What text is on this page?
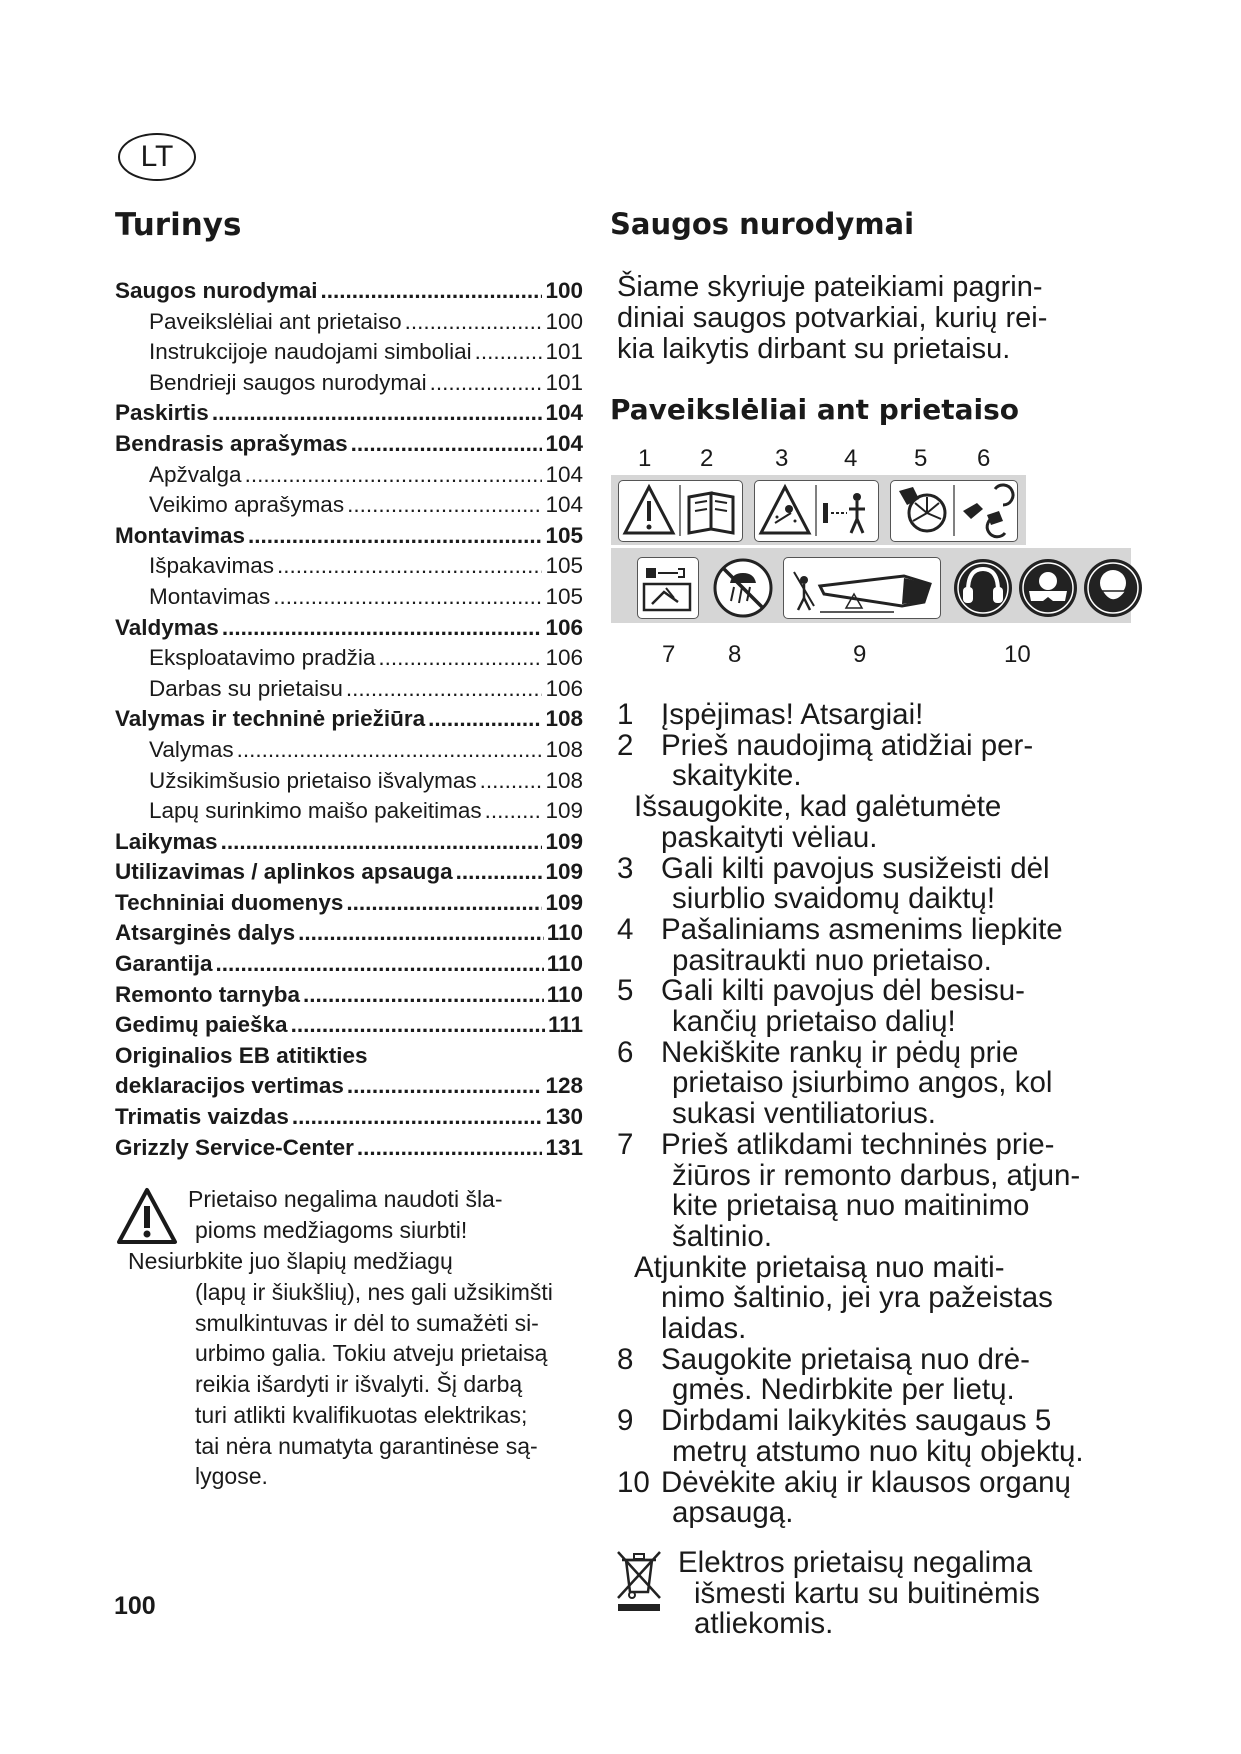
LT
Turinys
Saugos nurodymai .....	100
Paveikslėliai ant prietaiso .....	100
Instrukcijoje naudojami simboliai .....	101
Bendrieji saugos nurodymai .....	101
Paskirtis .....	104
Bendrasis aprašymas .....	104
Apžvalga .....	104
Veikimo aprašymas .....	104
Montavimas .....	105
Išpakavimas .....	105
Montavimas .....	105
Valdymas .....	106
Eksploatavimo pradžia .....	106
Darbas su prietaisu .....	106
Valymas ir techninė priežiūra .....	108
Valymas .....	108
Užsikimšusio prietaiso išvalymas .....	108
Lapų surinkimo maišo pakeitimas .....	109
Laikymas .....	109
Utilizavimas / aplinkos apsauga .....	109
Techniniai duomenys .....	109
Atsarginės dalys .....	110
Garantija .....	110
Remonto tarnyba .....	110
Gedimų paieška .....	111
Originalios EB atitikties
deklaracijos vertimas .....	128
Trimatis vaizdas .....	130
Grizzly Service-Center .....	131
Prietaiso negalima naudoti šla-
pioms medžiagoms siurbti!
Nesiurbkite juo šlapių medžiagų
(lapų ir šiukšlių), nes gali užsikimšti
smulkintuvas ir dėl to sumažėti si-
urbimo galia. Tokiu atveju prietaisą
reikia išardyti ir išvalyti. Šį darbą
turi atlikti kvalifikuotas elektrikas;
tai nėra numatyta garantinėse są-
lygose.
100
Saugos nurodymai
Šiame skyriuje pateikiami pagrin-
diniai saugos potvarkiai, kurių rei-
kia laikytis dirbant su prietaisu.
Paveikslėliai ant prietaiso
1 2	3 4 5 6
7 8	9	10
1 Įspėjimas! Atsargiai!
2 Prieš naudojimą atidžiai per-
skaitykite.
Išsaugokite, kad galėtumėte
paskaityti vėliau.
3 Gali kilti pavojus susižeisti dėl
siurblio svaidomų daiktų!
4 Pašaliniams asmenims liepkite
pasitraukti nuo prietaiso.
5 Gali kilti pavojus dėl besisu-
kančių prietaiso dalių!
6 Nekiškite rankų ir pėdų prie
prietaiso įsiurbimo angos, kol
sukasi ventiliatorius.
7 Prieš atlikdami techninės prie-
žiūros ir remonto darbus, atjun-
kite prietaisą nuo maitinimo
šaltinio.
Atjunkite prietaisą nuo maiti-
nimo šaltinio, jei yra pažeistas
laidas.
8 Saugokite prietaisą nuo drė-
gmės. Nedirbkite per lietų.
9 Dirbdami laikykitės saugaus 5
metrų atstumo nuo kitų objektų.
10 Dėvėkite akių ir klausos organų
apsaugą.
Elektros prietaisų negalima
išmesti kartu su buitinėmis
atliekomis.
